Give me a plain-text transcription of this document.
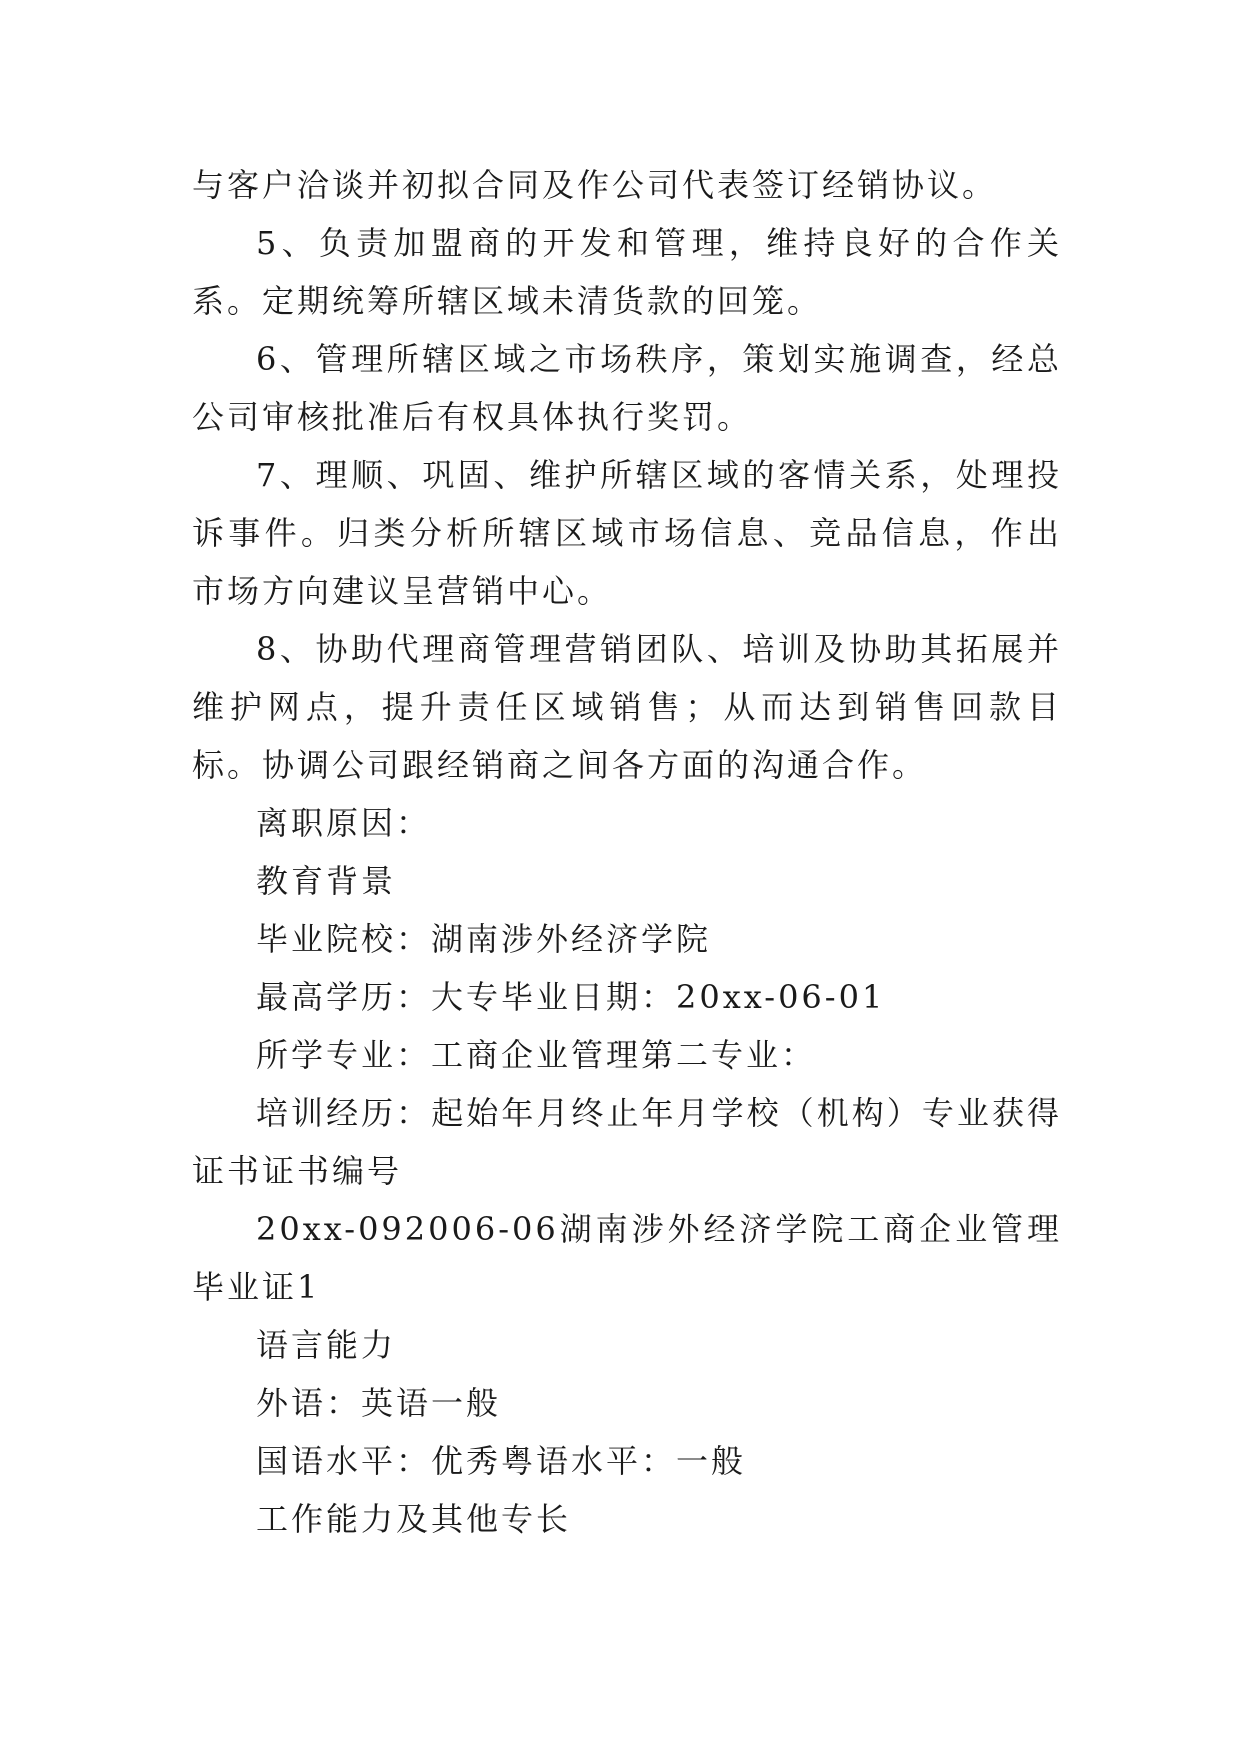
与客户洽谈并初拟合同及作公司代表签订经销协议。

5、负责加盟商的开发和管理，维持良好的合作关系。定期统筹所辖区域未清货款的回笼。

6、管理所辖区域之市场秩序，策划实施调查，经总公司审核批准后有权具体执行奖罚。

7、理顺、巩固、维护所辖区域的客情关系，处理投诉事件。归类分析所辖区域市场信息、竞品信息，作出市场方向建议呈营销中心。

8、协助代理商管理营销团队、培训及协助其拓展并维护网点，提升责任区域销售；从而达到销售回款目标。协调公司跟经销商之间各方面的沟通合作。

离职原因：

教育背景

毕业院校：湖南涉外经济学院

最高学历：大专毕业日期：20xx-06-01

所学专业：工商企业管理第二专业：

培训经历：起始年月终止年月学校（机构）专业获得证书证书编号

20xx-092006-06湖南涉外经济学院工商企业管理毕业证1

语言能力

外语：英语一般

国语水平：优秀粤语水平：一般

工作能力及其他专长
